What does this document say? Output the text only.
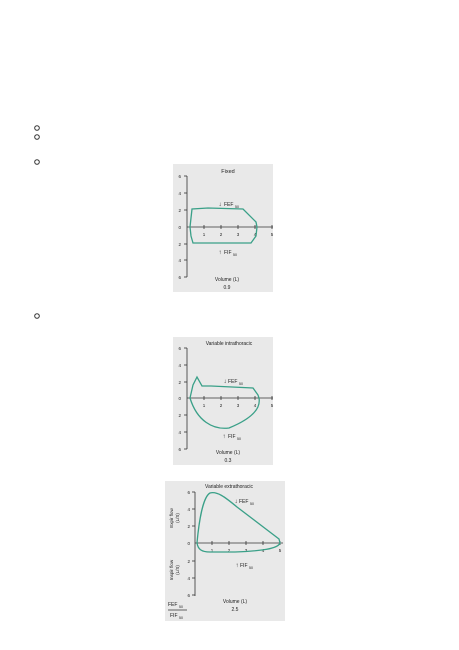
Fixed
6
4
2
0
2
4
6
1	2	3	4	5
↓ FEF 50
↑ FIF 50
Volume (L)
0.9
Variable intrathoracic
6
4
2
0
2
4
6
1	2	3	4	5
↓ FEF 50
↑ FIF 50
Volume (L)
0.3
Variable extrathoracic
6
4
2
0
2
4
6
Expir flow (L/S)
Inspir flow (L/S)
1	2	3	4	5
↓ FEF 50
↑ FIF 50
FEF 50
FIF 50
Volume (L)
2.5
